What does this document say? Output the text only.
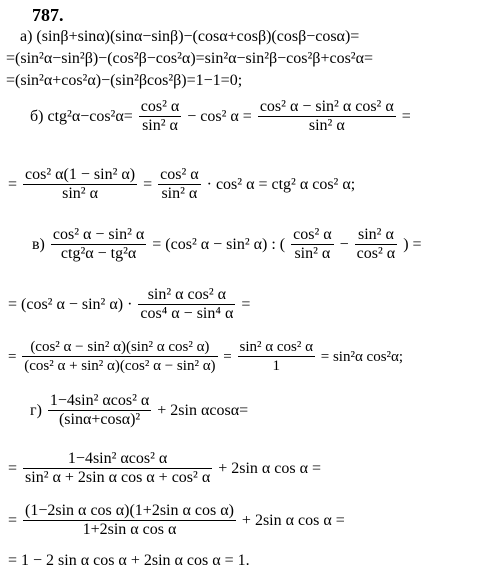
787.
а) (sinβ+sinα)(sinα−sinβ)−(cosα+cosβ)(cosβ−cosα)=
=(sin²α−sin²β)−(cos²β−cos²α)=sin²α−sin²β−cos²β+cos²α=
=(sin²α+cos²α)−(sin²βcos²β)=1−1=0;
б) $ctg^2\alpha-\cos^2\alpha= \frac{\text{cos² α}}{\text{sin² α}} - \cos^2$ $\alpha = \frac{\text{cos² α − sin² α cos² α}}{\text{sin² α}}$ =
= $\frac{\text{cos² α(1 − sin² α)}}{\text{sin² α}} = \frac{\text{cos² α}}{\text{sin² α}} \cdot \cos^2$ α = ctg² α cos² α;
$в) \frac{\text{cos² α − sin² α}}{\text{ctg²α − tg²α}} = (\cos^2$ α − sin² α) : ( $\frac{\text{cos² α}}{\text{sin² α}} - \frac{\text{sin² α}}{\text{cos² α}}$ ) =
= (cos² α − sin² $\alpha) \cdot \frac{\text{sin² α cos² α}}{\text{cos⁴ α − sin⁴ α}}$ =
= $\frac{\text{(cos² α − sin² α)(sin² α cos² α)}}{\text{(cos² α + sin² α)(cos² α − sin² α)}} = \frac{\text{sin² α cos² α}}{1} = \sin^2\alpha$ cos²α;
$г) \frac{\text{1−4sin² αcos² α}}{\text{(sinα+cosα)²}} + 2\sin$ αcosα=
= $\frac{\text{1−4sin² αcos² α}}{\text{sin² α + 2sin α cos α + cos² α}} + 2\sin$ α cos α =
= $\frac{\text{(1−2sin α cos α)(1+2sin α cos α)}}{\text{1+2sin α cos α}} + 2\sin$ α cos α =
= 1 − 2 sin α cos α + 2sin α cos α = 1.
